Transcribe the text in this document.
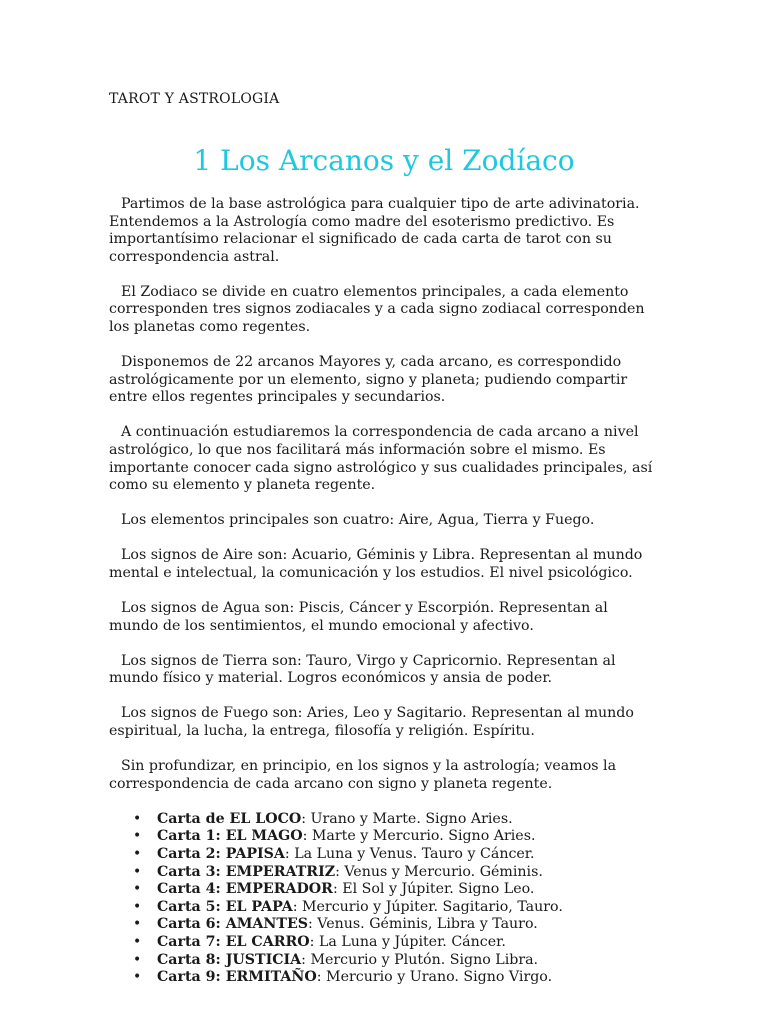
TAROT Y ASTROLOGIA
1 Los Arcanos y el Zodíaco

Partimos de la base astrológica para cualquier tipo de arte adivinatoria. Entendemos a la Astrología como madre del esoterismo predictivo. Es importantísimo relacionar el significado de cada carta de tarot con su correspondencia astral.

El Zodiaco se divide en cuatro elementos principales, a cada elemento corresponden tres signos zodiacales y a cada signo zodiacal corresponden los planetas como regentes.

Disponemos de 22 arcanos Mayores y, cada arcano, es correspondido astrológicamente por un elemento, signo y planeta; pudiendo compartir entre ellos regentes principales y secundarios.

A continuación estudiaremos la correspondencia de cada arcano a nivel astrológico, lo que nos facilitará más información sobre el mismo. Es importante conocer cada signo astrológico y sus cualidades principales, así como su elemento y planeta regente.

Los elementos principales son cuatro: Aire, Agua, Tierra y Fuego.

Los signos de Aire son: Acuario, Géminis y Libra. Representan al mundo mental e intelectual, la comunicación y los estudios. El nivel psicológico.

Los signos de Agua son: Piscis, Cáncer y Escorpión. Representan al mundo de los sentimientos, el mundo emocional y afectivo.

Los signos de Tierra son: Tauro, Virgo y Capricornio. Representan al mundo físico y material. Logros económicos y ansia de poder.

Los signos de Fuego son: Aries, Leo y Sagitario. Representan al mundo espiritual, la lucha, la entrega, filosofía y religión. Espíritu.

Sin profundizar, en principio, en los signos y la astrología; veamos la correspondencia de cada arcano con signo y planeta regente.

• Carta de EL LOCO: Urano y Marte. Signo Aries.
• Carta 1: EL MAGO: Marte y Mercurio. Signo Aries.
• Carta 2: PAPISA: La Luna y Venus. Tauro y Cáncer.
• Carta 3: EMPERATRIZ: Venus y Mercurio. Géminis.
• Carta 4: EMPERADOR: El Sol y Júpiter. Signo Leo.
• Carta 5: EL PAPA: Mercurio y Júpiter. Sagitario, Tauro.
• Carta 6: AMANTES: Venus. Géminis, Libra y Tauro.
• Carta 7: EL CARRO: La Luna y Júpiter. Cáncer.
• Carta 8: JUSTICIA: Mercurio y Plutón. Signo Libra.
• Carta 9: ERMITAÑO: Mercurio y Urano. Signo Virgo.
